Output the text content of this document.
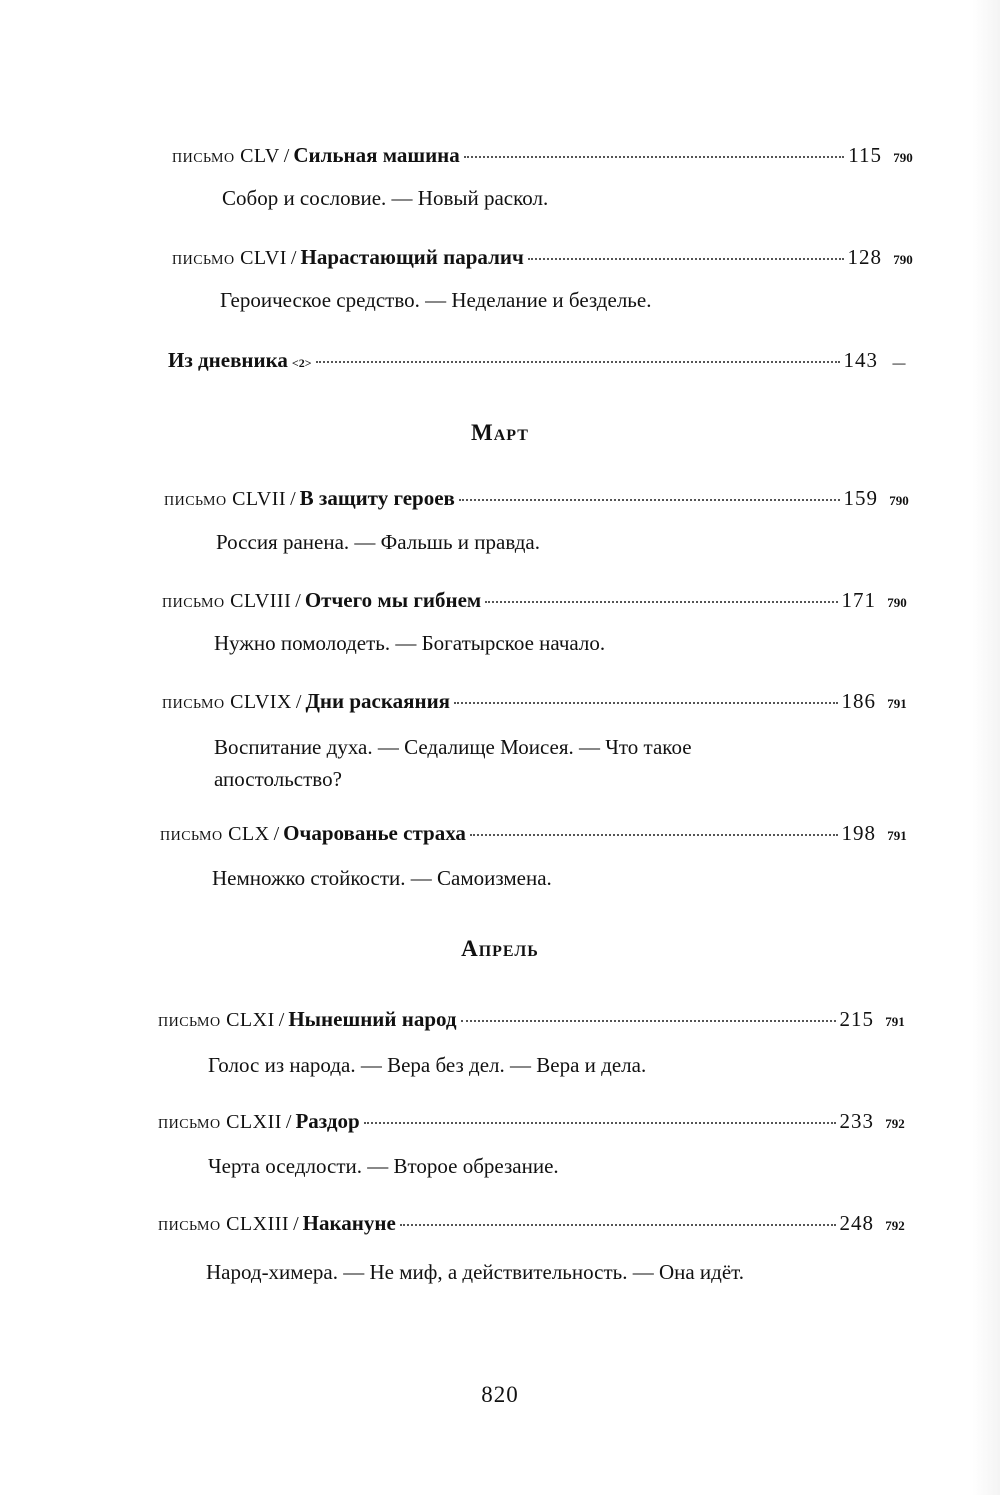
письмо CLV / Сильная машина	115 790
Собор и сословие. — Новый раскол.
письмо CLVI / Нарастающий паралич	128 790
Героическое средство. — Неделание и безделье.
Из дневника <2>	143	—
Март
письмо CLVII / В защиту героев	159 790
Россия ранена. — Фальшь и правда.
письмо CLVIII / Отчего мы гибнем	171 790
Нужно помолодеть. — Богатырское начало.
письмо CLVIX / Дни раскаяния	186 791
Воспитание духа. — Седалище Моисея. — Что такое апостольство?
письмо CLX / Очарованье страха	198 791
Немножко стойкости. — Самоизмена.
Апрель
письмо CLXI / Нынешний народ	215 791
Голос из народа. — Вера без дел. — Вера и дела.
письмо CLXII / Раздор	233 792
Черта оседлости. — Второе обрезание.
письмо CLXIII / Накануне	248 792
Народ-химера. — Не миф, а действительность. — Она идёт.
820
